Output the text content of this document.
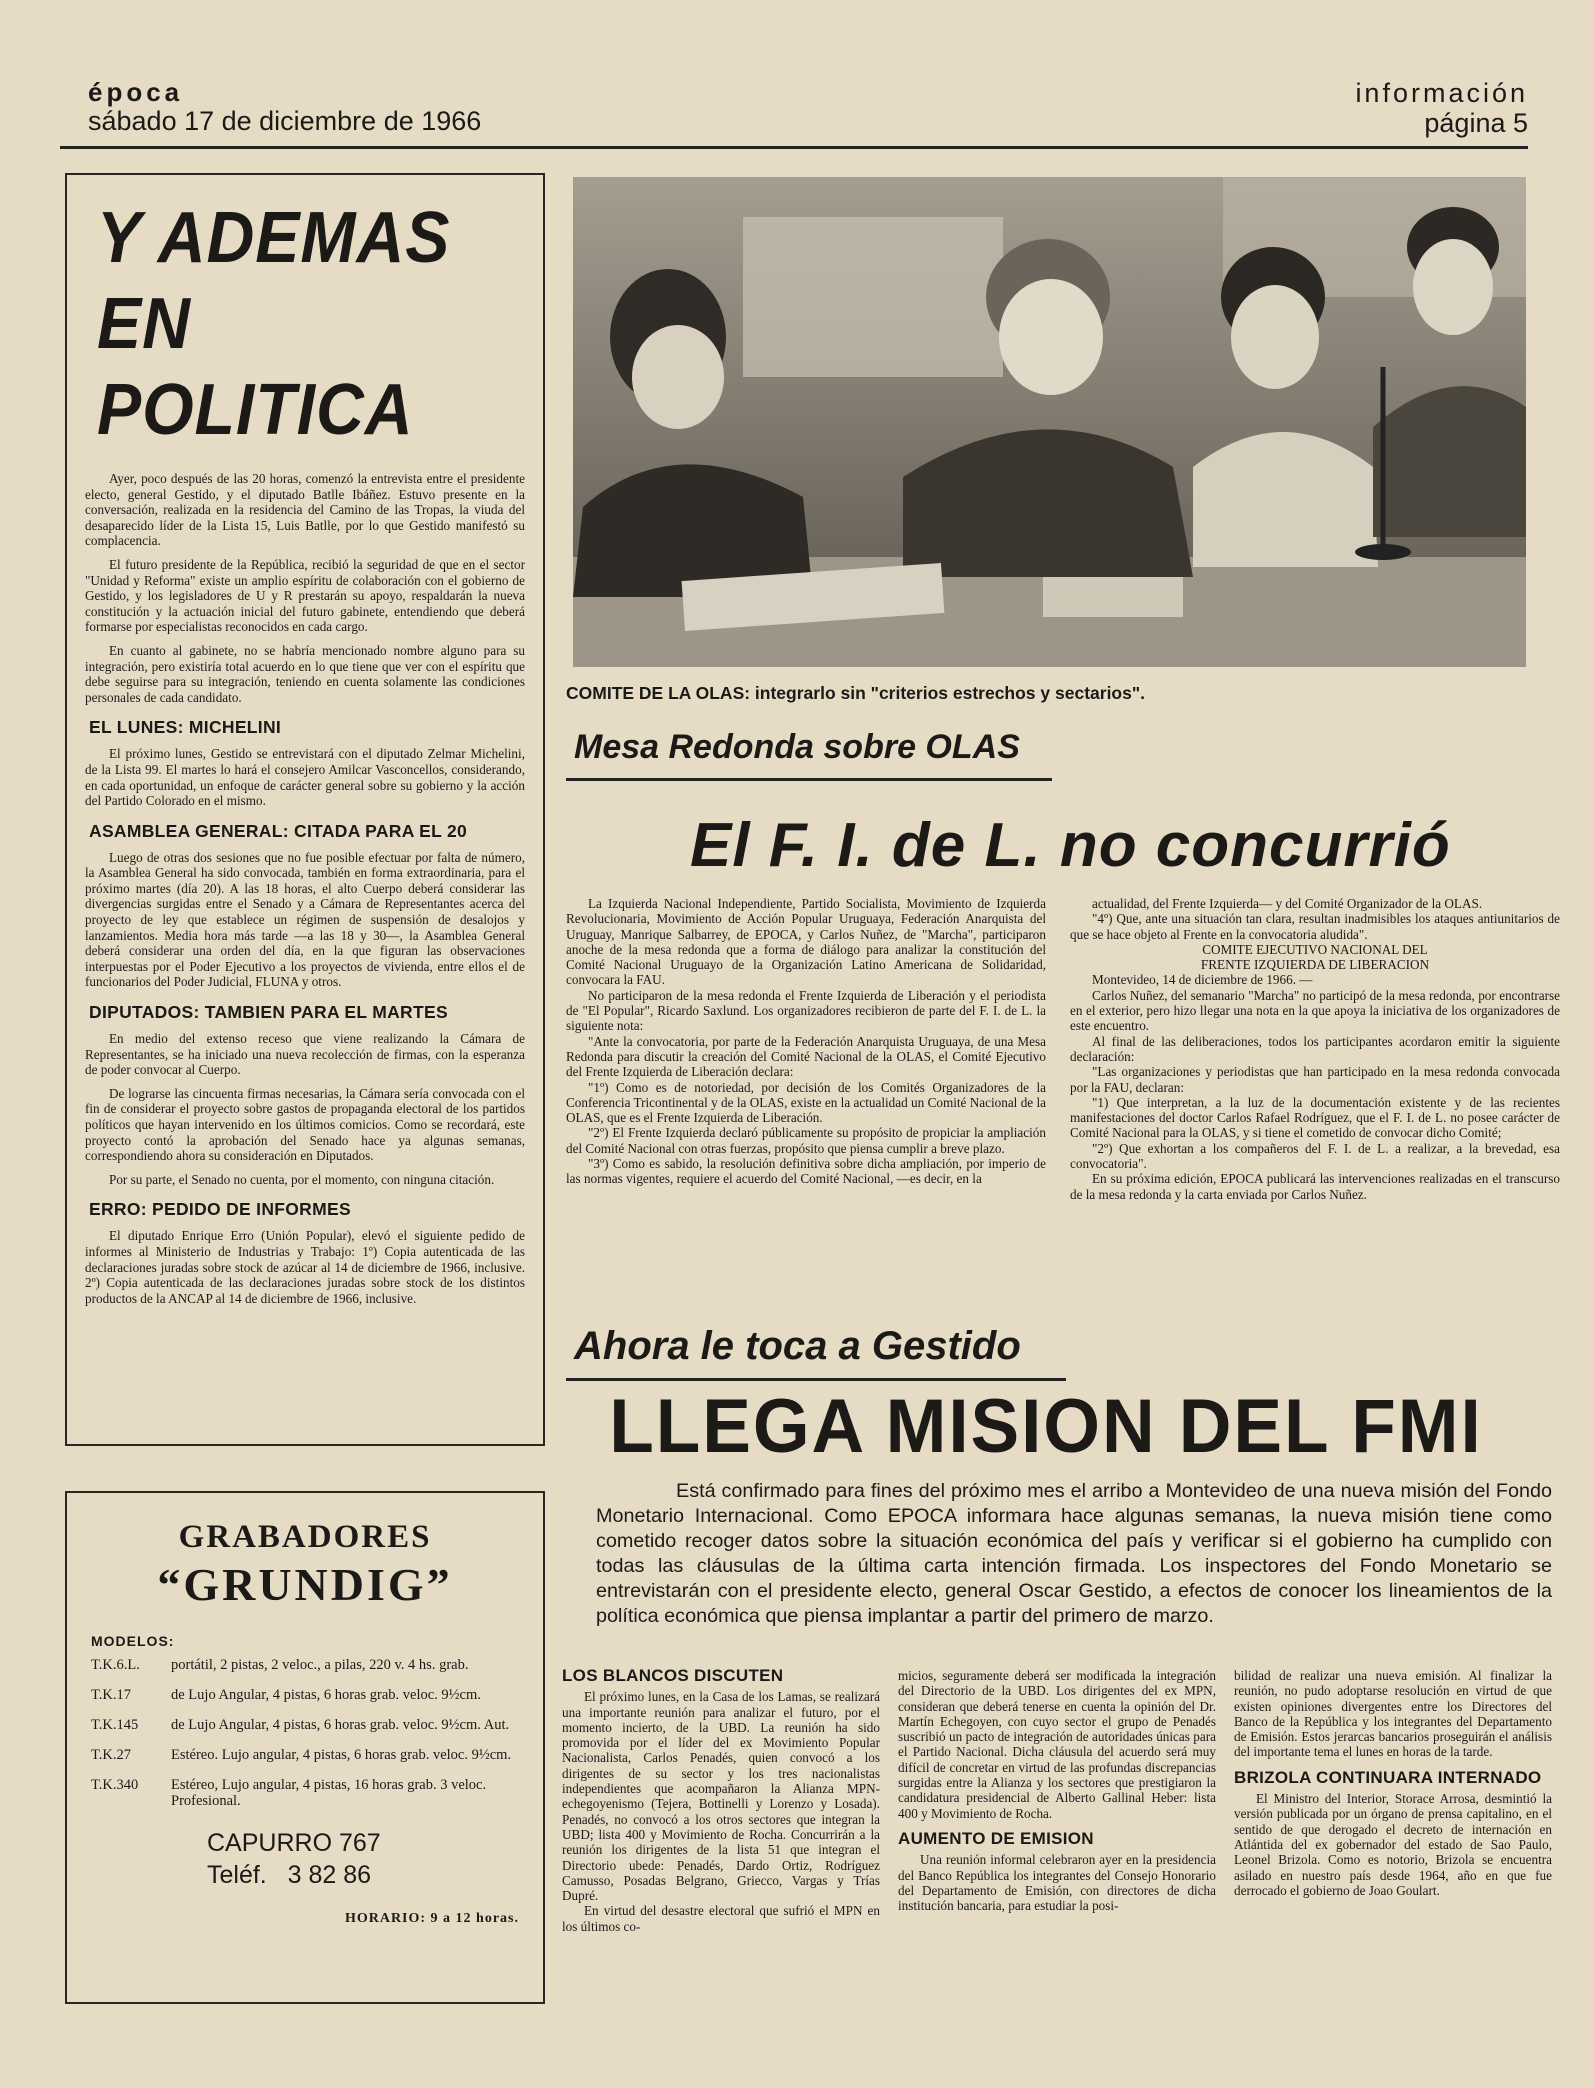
época
sábado 17 de diciembre de 1966
información
página 5
Y ADEMAS
EN POLITICA

Ayer, poco después de las 20 horas, comenzó la entrevista entre el presidente electo, general Gestido, y el diputado Batlle Ibáñez. Estuvo presente en la conversación, realizada en la residencia del Camino de las Tropas, la viuda del desaparecido líder de la Lista 15, Luis Batlle, por lo que Gestido manifestó su complacencia.

El futuro presidente de la República, recibió la seguridad de que en el sector "Unidad y Reforma" existe un amplio espíritu de colaboración con el gobierno de Gestido, y los legisladores de U y R prestarán su apoyo, respaldarán la nueva constitución y la actuación inicial del futuro gabinete, entendiendo que deberá formarse por especialistas reconocidos en cada cargo.

En cuanto al gabinete, no se habría mencionado nombre alguno para su integración, pero existiría total acuerdo en lo que tiene que ver con el espíritu que debe seguirse para su integración, teniendo en cuenta solamente las condiciones personales de cada candidato.

EL LUNES: MICHELINI

El próximo lunes, Gestido se entrevistará con el diputado Zelmar Michelini, de la Lista 99. El martes lo hará el consejero Amilcar Vasconcellos, considerando, en cada oportunidad, un enfoque de carácter general sobre su gobierno y la acción del Partido Colorado en el mismo.

ASAMBLEA GENERAL: CITADA PARA EL 20

Luego de otras dos sesiones que no fue posible efectuar por falta de número, la Asamblea General ha sido convocada, también en forma extraordinaria, para el próximo martes (día 20). A las 18 horas, el alto Cuerpo deberá considerar las divergencias surgidas entre el Senado y a Cámara de Representantes acerca del proyecto de ley que establece un régimen de suspensión de desalojos y lanzamientos. Media hora más tarde —a las 18 y 30—, la Asamblea General deberá considerar una orden del día, en la que figuran las observaciones interpuestas por el Poder Ejecutivo a los proyectos de vivienda, entre ellos el de funcionarios del Poder Judicial, FLUNA y otros.

DIPUTADOS: TAMBIEN PARA EL MARTES

En medio del extenso receso que viene realizando la Cámara de Representantes, se ha iniciado una nueva recolección de firmas, con la esperanza de poder convocar al Cuerpo.

De lograrse las cincuenta firmas necesarias, la Cámara sería convocada con el fin de considerar el proyecto sobre gastos de propaganda electoral de los partidos políticos que hayan intervenido en los últimos comicios. Como se recordará, este proyecto contó la aprobación del Senado hace ya algunas semanas, correspondiendo ahora su consideración en Diputados.

Por su parte, el Senado no cuenta, por el momento, con ninguna citación.

ERRO: PEDIDO DE INFORMES

El diputado Enrique Erro (Unión Popular), elevó el siguiente pedido de informes al Ministerio de Industrias y Trabajo: 1º) Copia autenticada de las declaraciones juradas sobre stock de azúcar al 14 de diciembre de 1966, inclusive. 2º) Copia autenticada de las declaraciones juradas sobre stock de los distintos productos de la ANCAP al 14 de diciembre de 1966, inclusive.

GRABADORES
“GRUNDIG”
MODELOS:
T.K.6.L.	portátil, 2 pistas, 2 veloc., a pilas, 220 v. 4 hs. grab.
T.K.17	de Lujo Angular, 4 pistas, 6 horas grab. veloc. 9½cm.
T.K.145	de Lujo Angular, 4 pistas, 6 horas grab. veloc. 9½cm. Aut.
T.K.27	Estéreo. Lujo angular, 4 pistas, 6 horas grab. veloc. 9½cm.
T.K.340	Estéreo, Lujo angular, 4 pistas, 16 horas grab. 3 veloc. Profesional.
CAPURRO 767
Teléf.   3 82 86
HORARIO: 9 a 12 horas.
COMITE DE LA OLAS: integrarlo sin "criterios estrechos y sectarios".
Mesa Redonda sobre OLAS
El F. I. de L. no concurrió

La Izquierda Nacional Independiente, Partido Socialista, Movimiento de Izquierda Revolucionaria, Movimiento de Acción Popular Uruguaya, Federación Anarquista del Uruguay, Manrique Salbarrey, de EPOCA, y Carlos Nuñez, de "Marcha", participaron anoche de la mesa redonda que a forma de diálogo para analizar la constitución del Comité Nacional Uruguayo de la Organización Latino Americana de Solidaridad, convocara la FAU.

No participaron de la mesa redonda el Frente Izquierda de Liberación y el periodista de "El Popular", Ricardo Saxlund. Los organizadores recibieron de parte del F. I. de L. la siguiente nota:

"Ante la convocatoria, por parte de la Federación Anarquista Uruguaya, de una Mesa Redonda para discutir la creación del Comité Nacional de la OLAS, el Comité Ejecutivo del Frente Izquierda de Liberación declara:

"1º) Como es de notoriedad, por decisión de los Comités Organizadores de la Conferencia Tricontinental y de la OLAS, existe en la actualidad un Comité Nacional de la OLAS, que es el Frente Izquierda de Liberación.

"2º) El Frente Izquierda declaró públicamente su propósito de propiciar la ampliación del Comité Nacional con otras fuerzas, propósito que piensa cumplir a breve plazo.

"3º) Como es sabido, la resolución definitiva sobre dicha ampliación, por imperio de las normas vigentes, requiere el acuerdo del Comité Nacional, —es decir, en la

actualidad, del Frente Izquierda— y del Comité Organizador de la OLAS.

"4º) Que, ante una situación tan clara, resultan inadmisibles los ataques antiunitarios de que se hace objeto al Frente en la convocatoria aludida".

COMITE EJECUTIVO NACIONAL DEL

FRENTE IZQUIERDA DE LIBERACION

Montevideo, 14 de diciembre de 1966. —

Carlos Nuñez, del semanario "Marcha" no participó de la mesa redonda, por encontrarse en el exterior, pero hizo llegar una nota en la que apoya la iniciativa de los organizadores de este encuentro.

Al final de las deliberaciones, todos los participantes acordaron emitir la siguiente declaración:

"Las organizaciones y periodistas que han participado en la mesa redonda convocada por la FAU, declaran:

"1) Que interpretan, a la luz de la documentación existente y de las recientes manifestaciones del doctor Carlos Rafael Rodríguez, que el F. I. de L. no posee carácter de Comité Nacional para la OLAS, y si tiene el cometido de convocar dicho Comité;

"2º) Que exhortan a los compañeros del F. I. de L. a realizar, a la brevedad, esa convocatoria".

En su próxima edición, EPOCA publicará las intervenciones realizadas en el transcurso de la mesa redonda y la carta enviada por Carlos Nuñez.

Ahora le toca a Gestido
LLEGA MISION DEL FMI

Está confirmado para fines del próximo mes el arribo a Montevideo de una nueva misión del Fondo Monetario Internacional. Como EPOCA informara hace algunas semanas, la nueva misión tiene como cometido recoger datos sobre la situación económica del país y verificar si el gobierno ha cumplido con todas las cláusulas de la última carta intención firmada. Los inspectores del Fondo Monetario se entrevistarán con el presidente electo, general Oscar Gestido, a efectos de conocer los lineamientos de la política económica que piensa implantar a partir del primero de marzo.

LOS BLANCOS DISCUTEN

El próximo lunes, en la Casa de los Lamas, se realizará una importante reunión para analizar el futuro, por el momento incierto, de la UBD. La reunión ha sido promovida por el líder del ex Movimiento Popular Nacionalista, Carlos Penadés, quien convocó a los dirigentes de su sector y los tres nacionalistas independientes que acompañaron la Alianza MPN-echegoyenismo (Tejera, Bottinelli y Lorenzo y Losada). Penadés, no convocó a los otros sectores que integran la UBD; lista 400 y Movimiento de Rocha. Concurrirán a la reunión los dirigentes de la lista 51 que integran el Directorio ubede: Penadés, Dardo Ortiz, Rodríguez Camusso, Posadas Belgrano, Griecco, Vargas y Trías Dupré.

En virtud del desastre electoral que sufrió el MPN en los últimos co-

micios, seguramente deberá ser modificada la integración del Directorio de la UBD. Los dirigentes del ex MPN, consideran que deberá tenerse en cuenta la opinión del Dr. Martín Echegoyen, con cuyo sector el grupo de Penadés suscribió un pacto de integración de autoridades únicas para el Partido Nacional. Dicha cláusula del acuerdo será muy difícil de concretar en virtud de las profundas discrepancias surgidas entre la Alianza y los sectores que prestigiaron la candidatura presidencial de Alberto Gallinal Heber: lista 400 y Movimiento de Rocha.

AUMENTO DE EMISION

Una reunión informal celebraron ayer en la presidencia del Banco República los integrantes del Consejo Honorario del Departamento de Emisión, con directores de dicha institución bancaria, para estudiar la posi-

bilidad de realizar una nueva emisión. Al finalizar la reunión, no pudo adoptarse resolución en virtud de que existen opiniones divergentes entre los Directores del Banco de la República y los integrantes del Departamento de Emisión. Estos jerarcas bancarios proseguirán el análisis del importante tema el lunes en horas de la tarde.

BRIZOLA CONTINUARA INTERNADO

El Ministro del Interior, Storace Arrosa, desmintió la versión publicada por un órgano de prensa capitalino, en el sentido de que derogado el decreto de internación en Atlántida del ex gobernador del estado de Sao Paulo, Leonel Brizola. Como es notorio, Brizola se encuentra asilado en nuestro país desde 1964, año en que fue derrocado el gobierno de Joao Goulart.
